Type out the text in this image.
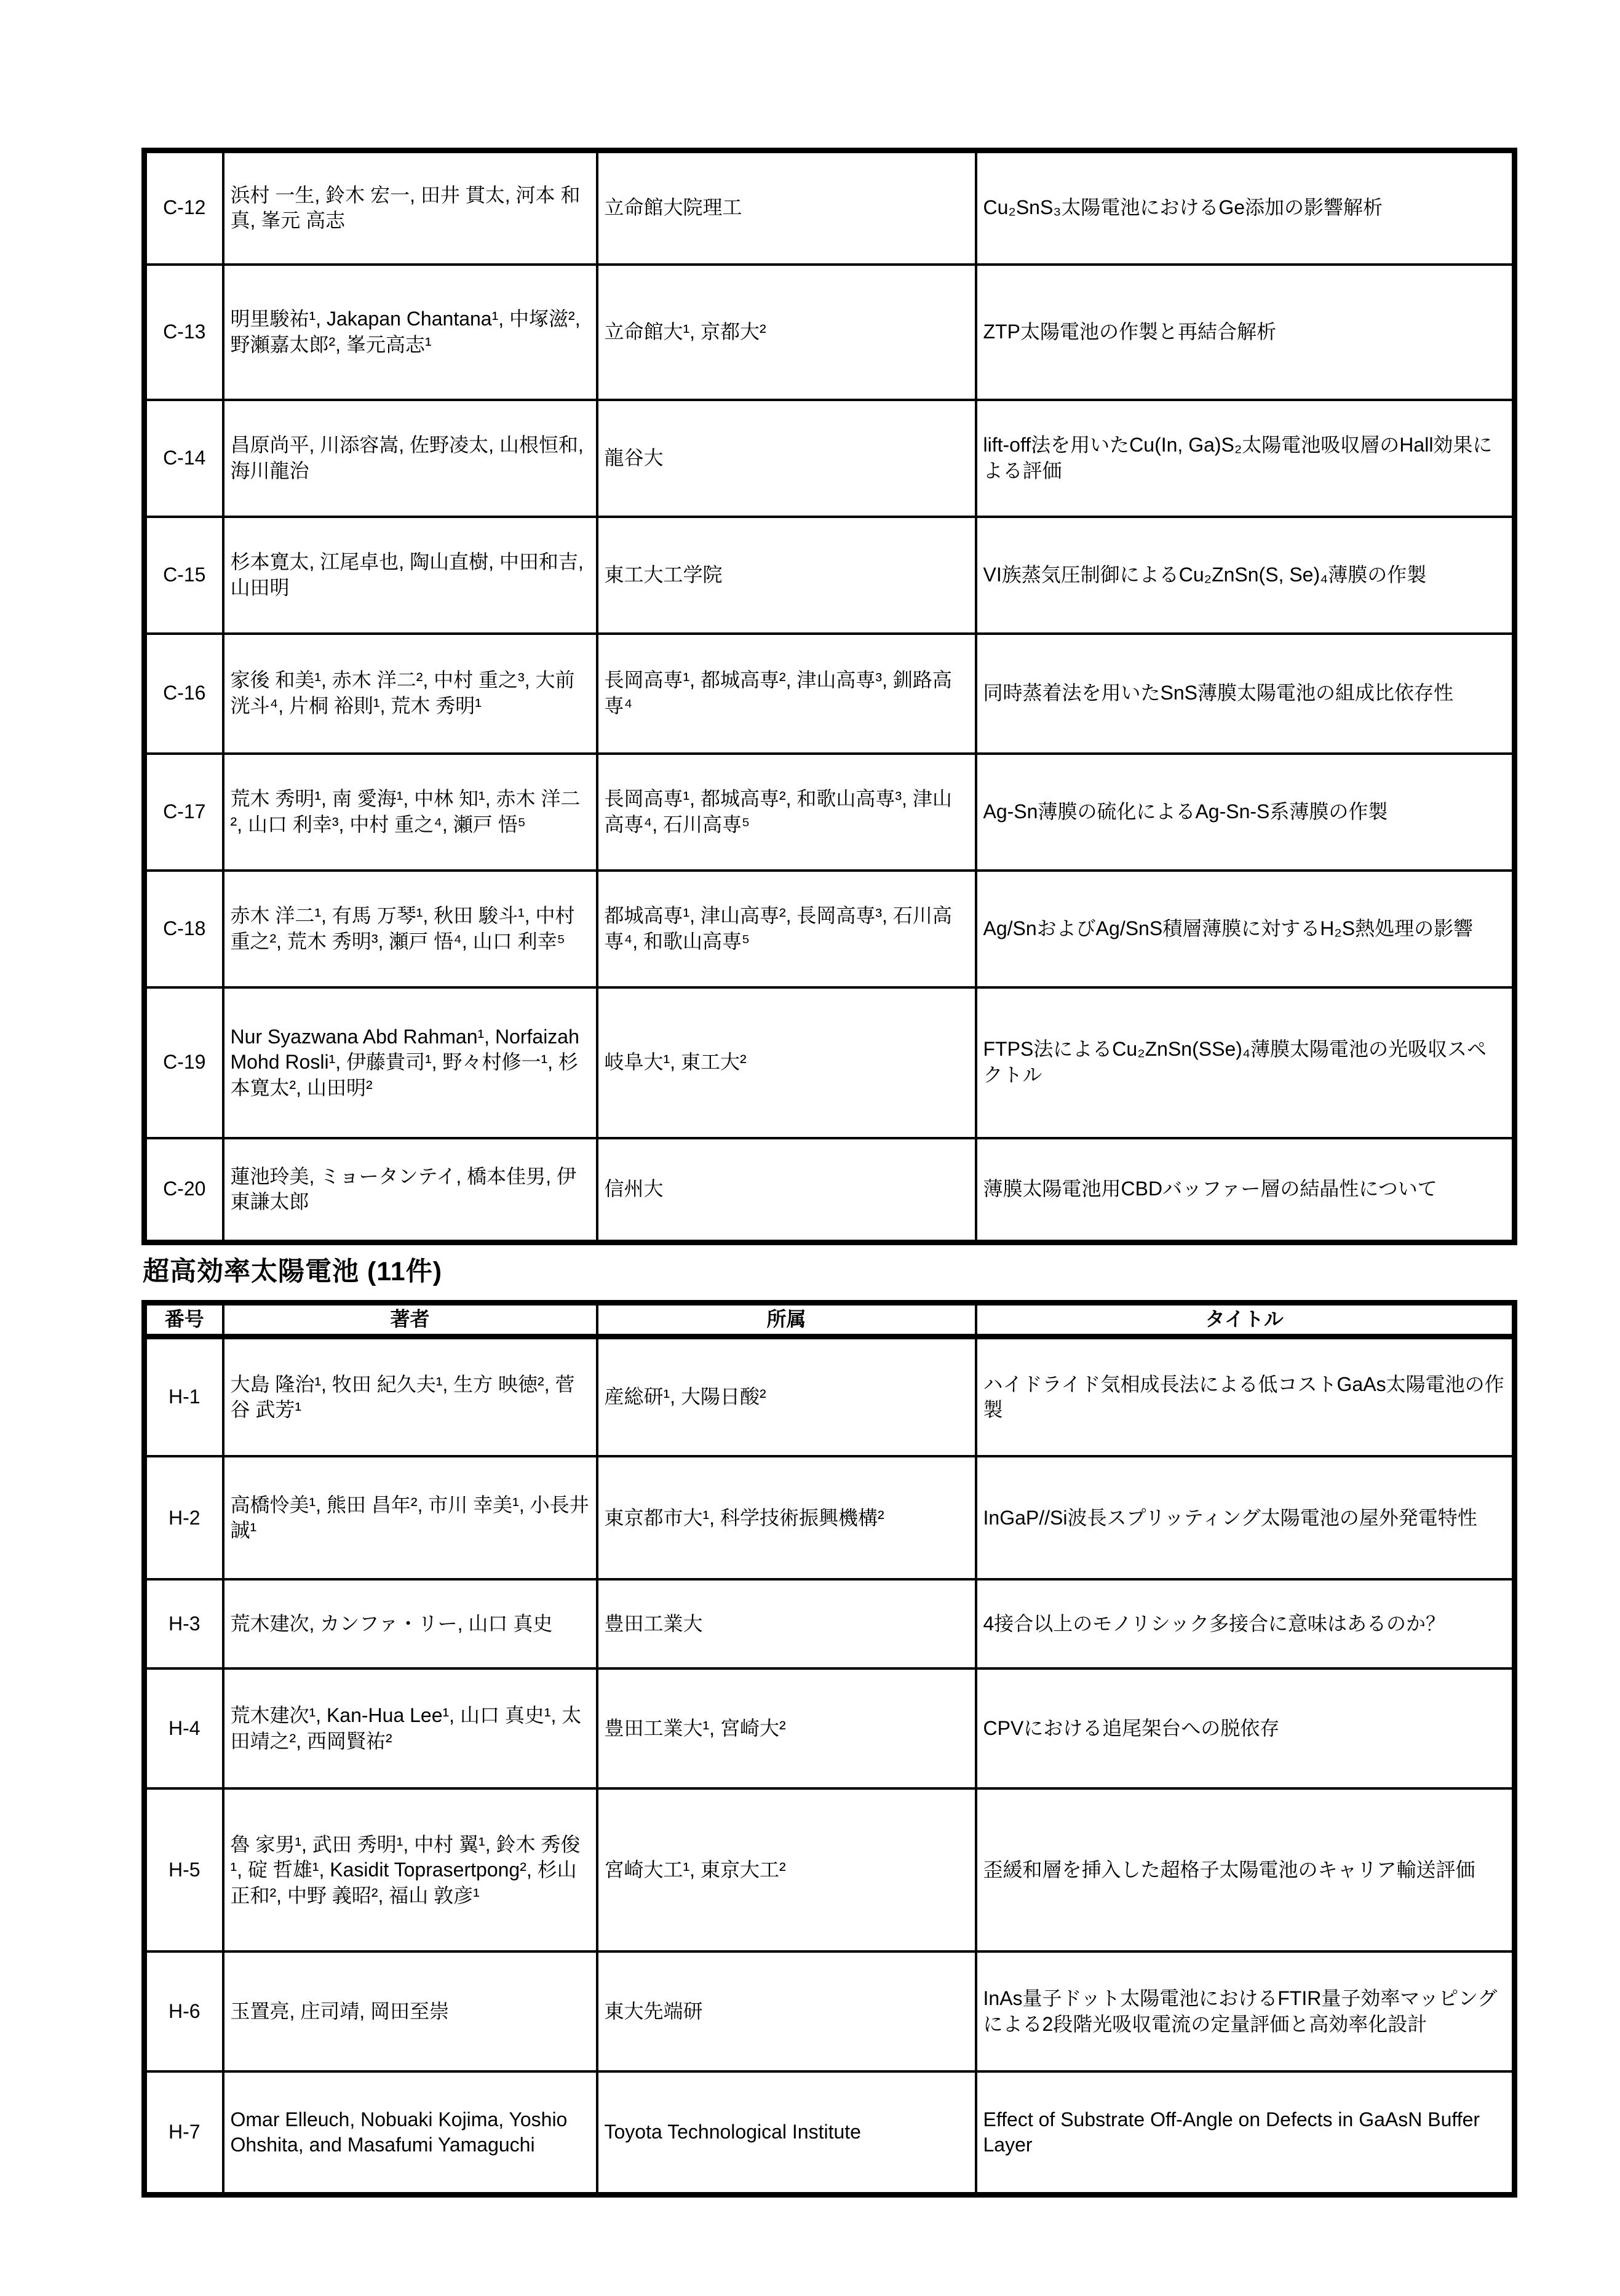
C-12	浜村 一生, 鈴木 宏一, 田井 貫太, 河本 和真, 峯元 高志	立命館大院理工	Cu₂SnS₃太陽電池におけるGe添加の影響解析
C-13	明里駿祐¹, Jakapan Chantana¹, 中塚滋², 野瀬嘉太郎², 峯元高志¹	立命館大¹, 京都大²	ZTP太陽電池の作製と再結合解析
C-14	昌原尚平, 川添容嵩, 佐野凌太, 山根恒和, 海川龍治	龍谷大	lift-off法を用いたCu(In, Ga)S₂太陽電池吸収層のHall効果による評価
C-15	杉本寛太, 江尾卓也, 陶山直樹, 中田和吉, 山田明	東工大工学院	VI族蒸気圧制御によるCu₂ZnSn(S, Se)₄薄膜の作製
C-16	家後 和美¹, 赤木 洋二², 中村 重之³, 大前 洸斗⁴, 片桐 裕則¹, 荒木 秀明¹	長岡高専¹, 都城高専², 津山高専³, 釧路高専⁴	同時蒸着法を用いたSnS薄膜太陽電池の組成比依存性
C-17	荒木 秀明¹, 南 愛海¹, 中林 知¹, 赤木 洋二², 山口 利幸³, 中村 重之⁴, 瀬戸 悟⁵	長岡高専¹, 都城高専², 和歌山高専³, 津山高専⁴, 石川高専⁵	Ag-Sn薄膜の硫化によるAg-Sn-S系薄膜の作製
C-18	赤木 洋二¹, 有馬 万琴¹, 秋田 駿斗¹, 中村 重之², 荒木 秀明³, 瀬戸 悟⁴, 山口 利幸⁵	都城高専¹, 津山高専², 長岡高専³, 石川高専⁴, 和歌山高専⁵	Ag/SnおよびAg/SnS積層薄膜に対するH₂S熱処理の影響
C-19	Nur Syazwana Abd Rahman¹, Norfaizah Mohd Rosli¹, 伊藤貴司¹, 野々村修一¹, 杉本寛太², 山田明²	岐阜大¹, 東工大²	FTPS法によるCu₂ZnSn(SSe)₄薄膜太陽電池の光吸収スペクトル
C-20	蓮池玲美, ミョータンテイ, 橋本佳男, 伊東謙太郎	信州大	薄膜太陽電池用CBDバッファー層の結晶性について
超高効率太陽電池 (11件)
番号	著者	所属	タイトル
H-1	大島 隆治¹, 牧田 紀久夫¹, 生方 映徳², 菅谷 武芳¹	産総研¹, 大陽日酸²	ハイドライド気相成長法による低コストGaAs太陽電池の作製
H-2	高橋怜美¹, 熊田 昌年², 市川 幸美¹, 小長井 誠¹	東京都市大¹, 科学技術振興機構²	InGaP//Si波長スプリッティング太陽電池の屋外発電特性
H-3	荒木建次, カンファ・リー, 山口 真史	豊田工業大	4接合以上のモノリシック多接合に意味はあるのか？
H-4	荒木建次¹, Kan-Hua Lee¹, 山口 真史¹, 太田靖之², 西岡賢祐²	豊田工業大¹, 宮崎大²	CPVにおける追尾架台への脱依存
H-5	魯 家男¹, 武田 秀明¹, 中村 翼¹, 鈴木 秀俊¹, 碇 哲雄¹, Kasidit Toprasertpong², 杉山 正和², 中野 義昭², 福山 敦彦¹	宮崎大工¹, 東京大工²	歪緩和層を挿入した超格子太陽電池のキャリア輸送評価
H-6	玉置亮, 庄司靖, 岡田至崇	東大先端研	InAs量子ドット太陽電池におけるFTIR量子効率マッピングによる2段階光吸収電流の定量評価と高効率化設計
H-7	Omar Elleuch, Nobuaki Kojima, Yoshio Ohshita, and Masafumi Yamaguchi	Toyota Technological Institute	Effect of Substrate Off-Angle on Defects in GaAsN Buffer Layer
